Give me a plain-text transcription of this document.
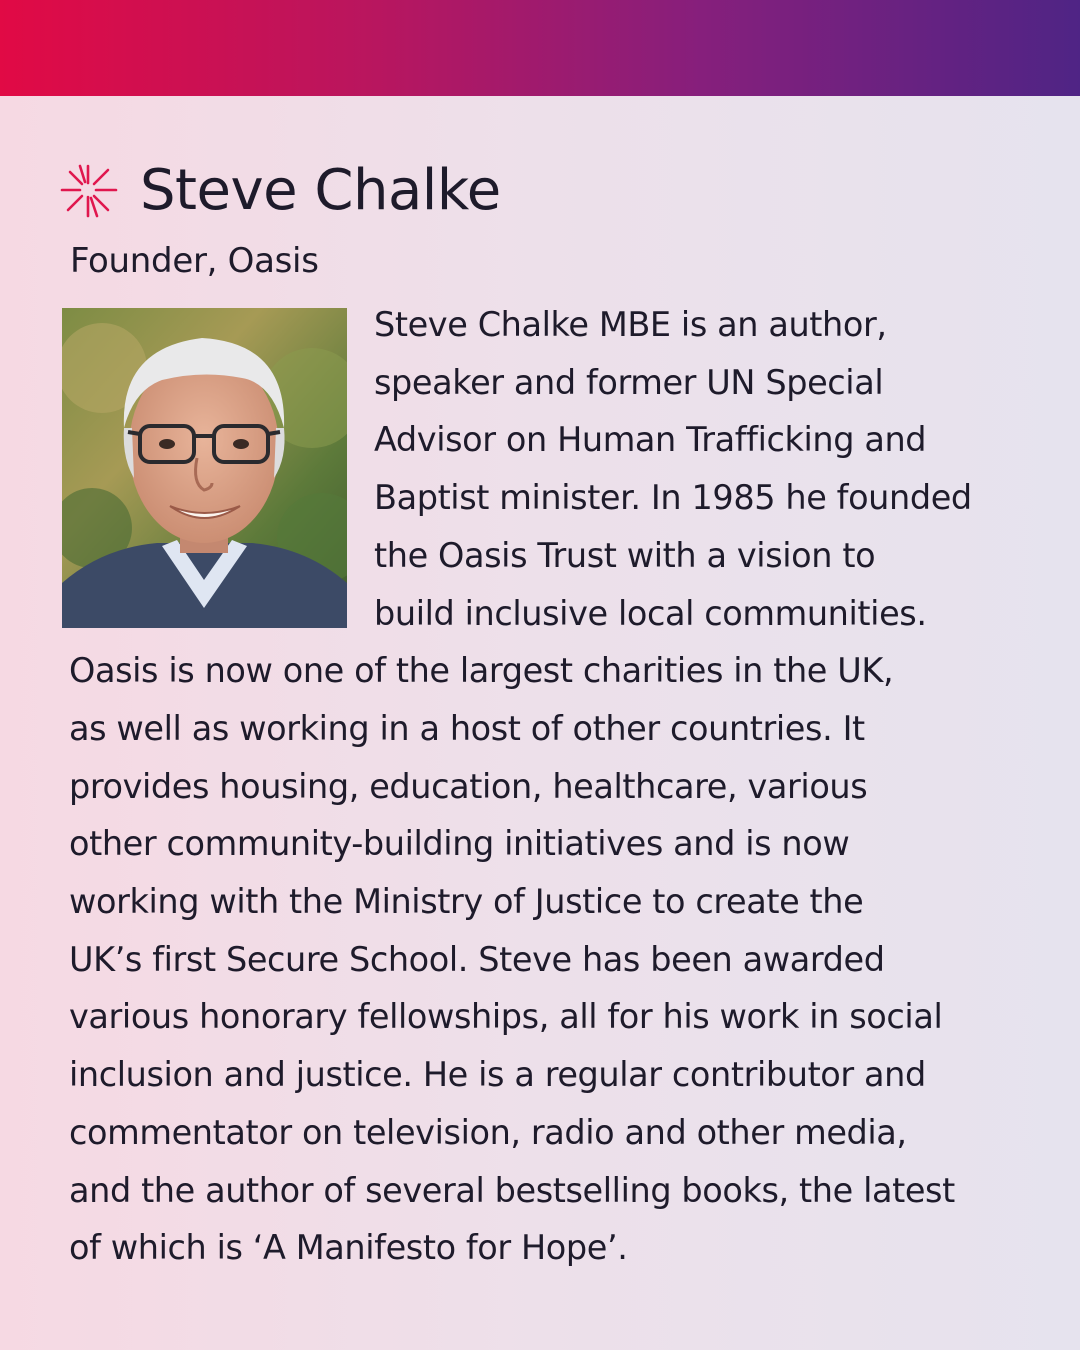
Steve Chalke
Founder, Oasis

Steve Chalke MBE is an author,
speaker and former UN Special
Advisor on Human Trafficking and
Baptist minister. In 1985 he founded
the Oasis Trust with a vision to
build inclusive local communities.
Oasis is now one of the largest charities in the UK,
as well as working in a host of other countries. It
provides housing, education, healthcare, various
other community-building initiatives and is now
working with the Ministry of Justice to create the
UK’s first Secure School. Steve has been awarded
various honorary fellowships, all for his work in social
inclusion and justice. He is a regular contributor and
commentator on television, radio and other media,
and the author of several bestselling books, the latest
of which is ‘A Manifesto for Hope’.
